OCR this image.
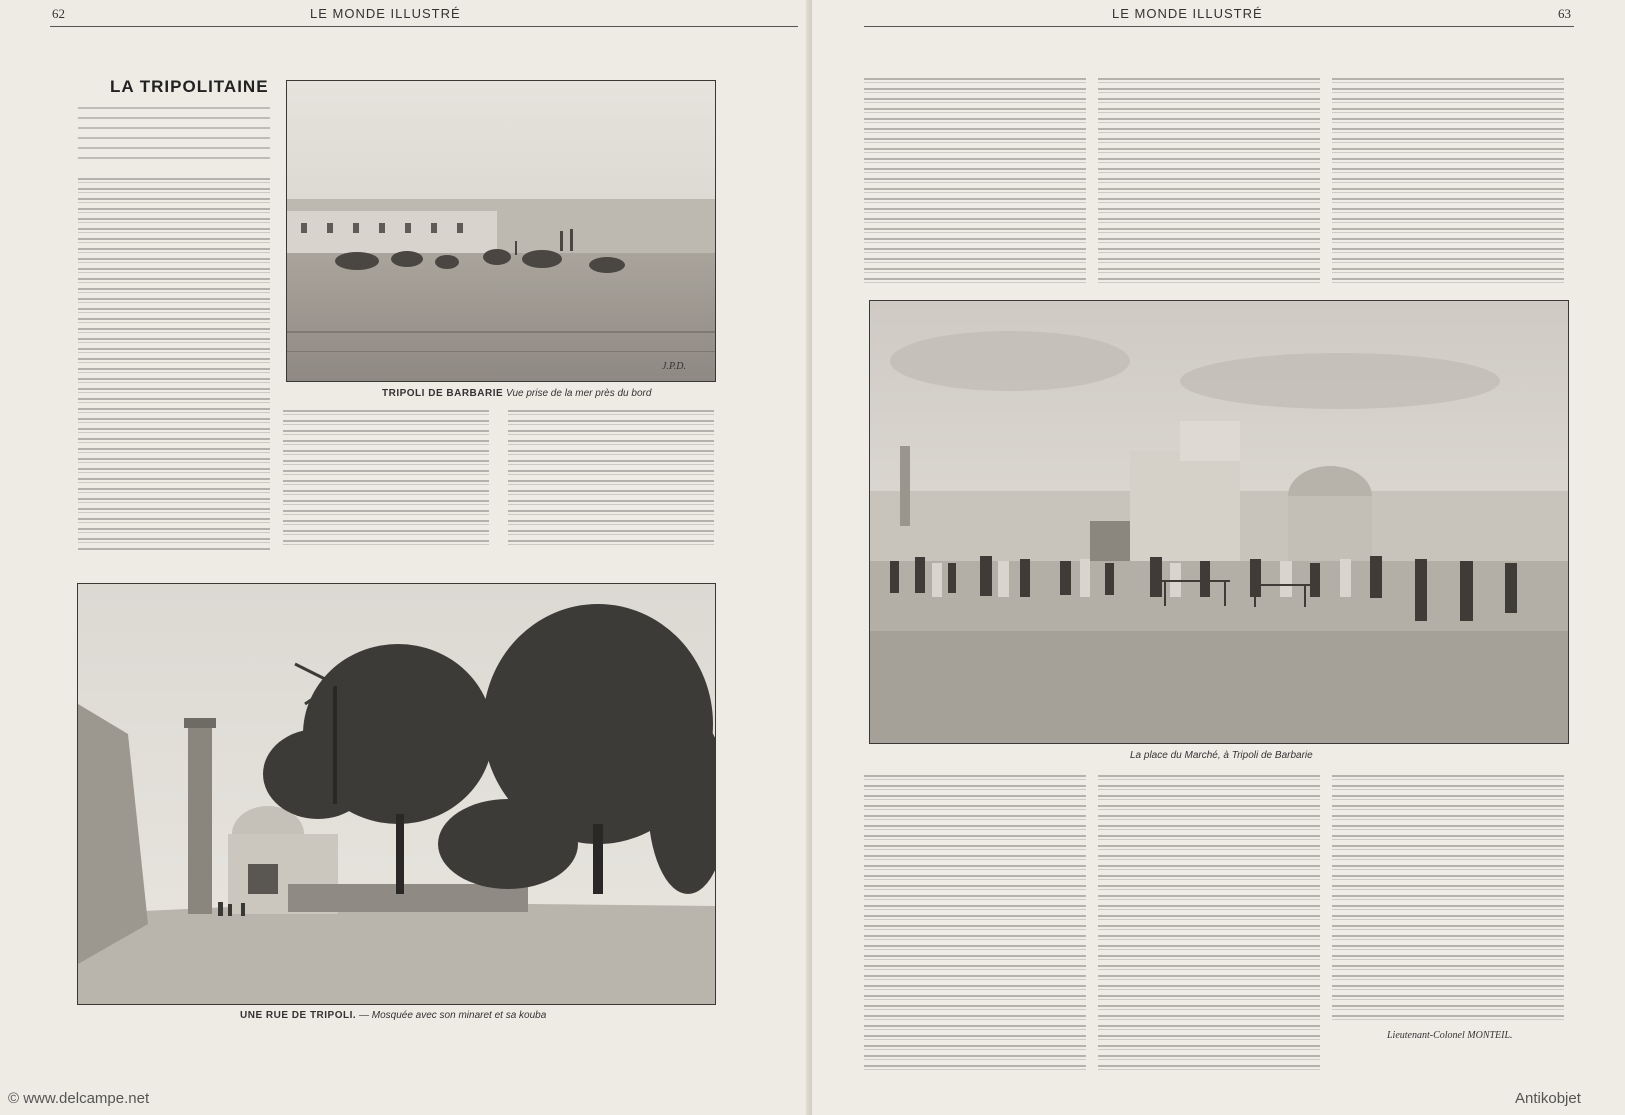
62	LE MONDE ILLUSTRÉ
LA TRIPOLITAINE
J.P.D.
TRIPOLI DE BARBARIE Vue prise de la mer près du bord
UNE RUE DE TRIPOLI. — Mosquée avec son minaret et sa kouba
© www.delcampe.net
LE MONDE ILLUSTRÉ	63
La place du Marché, à Tripoli de Barbarie
Lieutenant-Colonel MONTEIL.
Antikobjet
